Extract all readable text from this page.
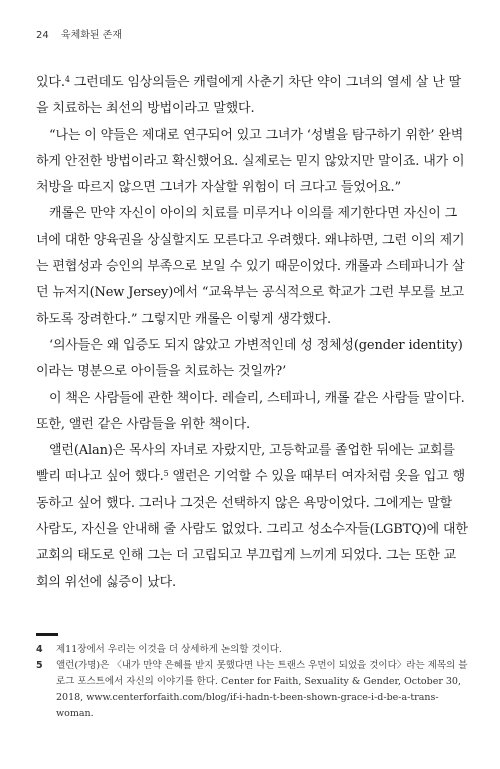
24 육체화된 존재

있다.$^4$ 그런데도 임상의들은 캐럴에게 사춘기 차단 약이 그녀의 열세 살 난 딸을 치료하는 최선의 방법이라고 말했다.

“나는 이 약들은 제대로 연구되어 있고 그녀가 ‘성별을 탐구하기 위한’ 완벽하게 안전한 방법이라고 확신했어요. 실제로는 믿지 않았지만 말이죠. 내가 이처방을 따르지 않으면 그녀가 자살할 위험이 더 크다고 들었어요.”

캐롤은 만약 자신이 아이의 치료를 미루거나 이의를 제기한다면 자신이 그녀에 대한 양육권을 상실할지도 모른다고 우려했다. 왜냐하면, 그런 이의 제기는 편협성과 승인의 부족으로 보일 수 있기 때문이었다. 캐롤과 스테파니가 살던 뉴저지(New Jersey)에서 “교육부는 공식적으로 학교가 그런 부모를 보고하도록 장려한다.” 그렇지만 캐롤은 이렇게 생각했다.

‘의사들은 왜 입증도 되지 않았고 가변적인데 성 정체성(gender identity)이라는 명분으로 아이들을 치료하는 것일까?’

이 책은 사람들에 관한 책이다. 레슬리, 스테파니, 캐롤 같은 사람들 말이다. 또한, 앨런 같은 사람들을 위한 책이다.

앨런(Alan)은 목사의 자녀로 자랐지만, 고등학교를 졸업한 뒤에는 교회를 빨리 떠나고 싶어 했다.$^5$ 앨런은 기억할 수 있을 때부터 여자처럼 옷을 입고 행동하고 싶어 했다. 그러나 그것은 선택하지 않은 욕망이었다. 그에게는 말할 사람도, 자신을 안내해 줄 사람도 없었다. 그리고 성소수자들(LGBTQ)에 대한 교회의 태도로 인해 그는 더 고립되고 부끄럽게 느끼게 되었다. 그는 또한 교회의 위선에 싫증이 났다.

4	제11장에서 우리는 이것을 더 상세하게 논의할 것이다.
5	앨런(가명)은 〈내가 만약 은혜를 받지 못했다면 나는 트랜스 우먼이 되었을 것이다〉라는 제목의 블로그 포스트에서 자신의 이야기를 한다. Center for Faith, Sexuality & Gender, October 30, 2018, www.centerforfaith.com/blog/if-i-hadn-t-been-shown-grace-i-d-be-a-trans-woman.
